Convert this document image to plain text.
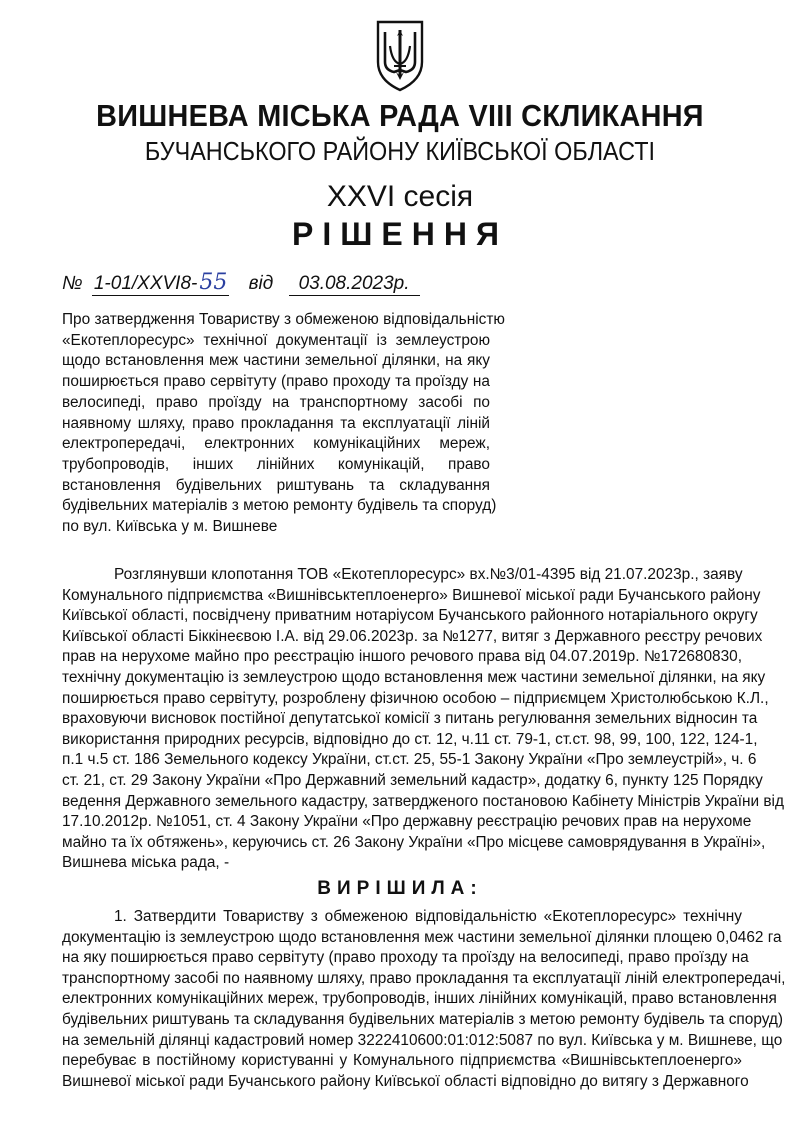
ВИШНЕВА МІСЬКА РАДА VIII СКЛИКАННЯ
БУЧАНСЬКОГО РАЙОНУ КИЇВСЬКОЇ ОБЛАСТІ
XXVI сесія
РІШЕННЯ
№ 1-01/XXVI8-55 від 03.08.2023р.
Про затвердження Товариству з обмеженою відповідальністю
«Екотеплоресурс» технічної документації із землеустрою
щодо встановлення меж частини земельної ділянки, на яку
поширюється право сервітуту (право проходу та проїзду на
велосипеді, право проїзду на транспортному засобі по
наявному шляху, право прокладання та експлуатації ліній
електропередачі, електронних комунікаційних мереж,
трубопроводів, інших лінійних комунікацій, право
встановлення будівельних риштувань та складування
будівельних матеріалів з метою ремонту будівель та споруд)
по вул. Київська у м. Вишневе
Розглянувши клопотання ТОВ «Екотеплоресурс» вх.№3/01-4395 від 21.07.2023р., заяву
Комунального підприємства «Вишнівськтеплоенерго» Вишневої міської ради Бучанського району
Київської області, посвідчену приватним нотаріусом Бучанського районного нотаріального округу
Київської області Біккінеєвою І.А. від 29.06.2023р. за №1277, витяг з Державного реєстру речових
прав на нерухоме майно про реєстрацію іншого речового права від 04.07.2019р. №172680830,
технічну документацію із землеустрою щодо встановлення меж частини земельної ділянки, на яку
поширюється право сервітуту, розроблену фізичною особою – підприємцем Христолюбською К.Л.,
враховуючи висновок постійної депутатської комісії з питань регулювання земельних відносин та
використання природних ресурсів, відповідно до ст. 12, ч.11 ст. 79-1, ст.ст. 98, 99, 100, 122, 124-1,
п.1 ч.5 ст. 186 Земельного кодексу України, ст.ст. 25, 55-1 Закону України «Про землеустрій», ч. 6
ст. 21, ст. 29 Закону України «Про Державний земельний кадастр», додатку 6, пункту 125 Порядку
ведення Державного земельного кадастру, затвердженого постановою Кабінету Міністрів України від
17.10.2012р. №1051, ст. 4 Закону України «Про державну реєстрацію речових прав на нерухоме
майно та їх обтяжень», керуючись ст. 26 Закону України «Про місцеве самоврядування в Україні»,
Вишнева міська рада, -
ВИРІШИЛА:
1. Затвердити Товариству з обмеженою відповідальністю «Екотеплоресурс» технічну
документацію із землеустрою щодо встановлення меж частини земельної ділянки площею 0,0462 га
на яку поширюється право сервітуту (право проходу та проїзду на велосипеді, право проїзду на
транспортному засобі по наявному шляху, право прокладання та експлуатації ліній електропередачі,
електронних комунікаційних мереж, трубопроводів, інших лінійних комунікацій, право встановлення
будівельних риштувань та складування будівельних матеріалів з метою ремонту будівель та споруд)
на земельній ділянці кадастровий номер 3222410600:01:012:5087 по вул. Київська у м. Вишневе, що
перебуває в постійному користуванні у Комунального підприємства «Вишнівськтеплоенерго»
Вишневої міської ради Бучанського району Київської області відповідно до витягу з Державного
